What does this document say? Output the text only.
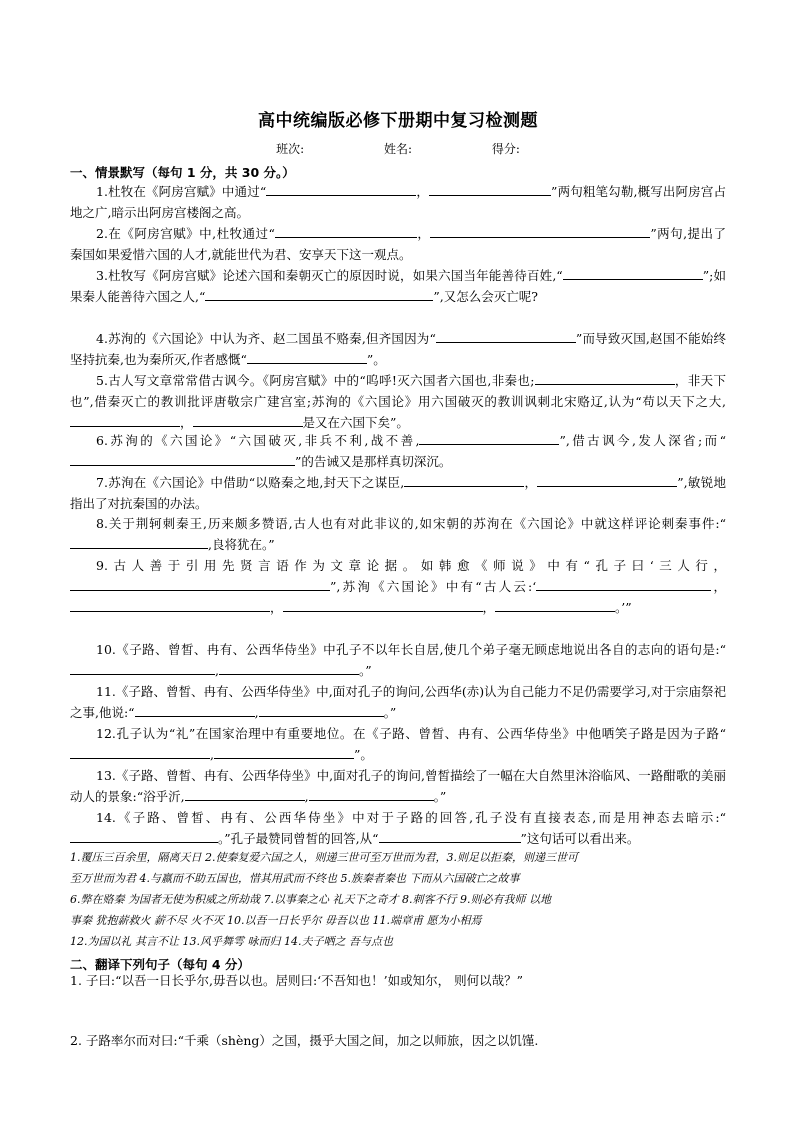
高中统编版必修下册期中复习检测题
班次:	姓名:	得分:
一、情景默写（每句 1 分，共 30 分。）
1.杜牧在《阿房宫赋》中通过“	，	”两句粗笔勾勒,概写出阿房宫占地之广,暗示出阿房宫楼阁之高。
2.在《阿房宫赋》中,杜牧通过“	，	”两句,提出了秦国如果爱惜六国的人才,就能世代为君、安享天下这一观点。
3.杜牧写《阿房宫赋》论述六国和秦朝灭亡的原因时说，如果六国当年能善待百姓,“	”;如果秦人能善待六国之人,“	”,又怎么会灭亡呢?
4.苏洵的《六国论》中认为齐、赵二国虽不赂秦,但齐国因为“	”而导致灭国,赵国不能始终坚持抗秦,也为秦所灭,作者感慨“	”。
5.古人写文章常常借古讽今。《阿房宫赋》中的“呜呼!灭六国者六国也,非秦也;	，非天下也”,借秦灭亡的教训批评唐敬宗广建宫室;苏洵的《六国论》用六国破灭的教训讽刺北宋赂辽,认为“苟以天下之大,，	是又在六国下矣”。
6.苏洵的《六国论》“六国破灭,非兵不利,战不善,	”,借古讽今,发人深省;而“”的告诫又是那样真切深沉。
7.苏洵在《六国论》中借助“以赂秦之地,封天下之谋臣,	，	”,敏锐地指出了对抗秦国的办法。
8.关于荆轲刺秦王,历来颇多赞语,古人也有对此非议的,如宋朝的苏洵在《六国论》中就这样评论刺秦事件:“,良将犹在。”
9.古人善于引用先贤言语作为文章论据。如韩愈《师说》中有“孔子曰‘三人行，”,苏洵《六国论》中有“古人云:‘	，，	，	。’”
10.《子路、曾皙、冉有、公西华侍坐》中孔子不以年长自居,使几个弟子毫无顾虑地说出各自的志向的语句是:“,	。”
11.《子路、曾皙、冉有、公西华侍坐》中,面对孔子的询问,公西华(赤)认为自己能力不足仍需要学习,对于宗庙祭祀之事,他说:“	,	。”
12.孔子认为“礼”在国家治理中有重要地位。在《子路、曾皙、冉有、公西华侍坐》中他哂笑子路是因为子路“,	”。
13.《子路、曾皙、冉有、公西华侍坐》中,面对孔子的询问,曾皙描绘了一幅在大自然里沐浴临风、一路酣歌的美丽动人的景象:“浴乎沂,	,	。”
14.《子路、曾皙、冉有、公西华侍坐》中对于子路的回答,孔子没有直接表态,而是用神态去暗示:“。”孔子最赞同曾皙的回答,从“	”这句话可以看出来。
1.覆压三百余里，隔离天日 2.使秦复爱六国之人，则递三世可至万世而为君，3.则足以拒秦，则递三世可
至万世而为君 4.与嬴而不助五国也，惜其用武而不终也 5.族秦者秦也 下而从六国破亡之故事
6.弊在赂秦 为国者无使为积威之所劫哉 7.以事秦之心 礼天下之奇才 8.刺客不行 9.则必有我师 以地
事秦 犹抱薪救火 薪不尽 火不灭 10.以吾一日长乎尔 毋吾以也 11.端章甫 愿为小相焉
12.为国以礼 其言不让 13.风乎舞雩 咏而归 14.夫子哂之 吾与点也
二、翻译下列句子（每句 4 分）
1. 子曰:“以吾一日长乎尔,毋吾以也。居则曰:‘不吾知也！’如或知尔， 则何以哉？”
2. 子路率尔而对曰:“千乘（shèng）之国，摄乎大国之间，加之以师旅，因之以饥馑.
